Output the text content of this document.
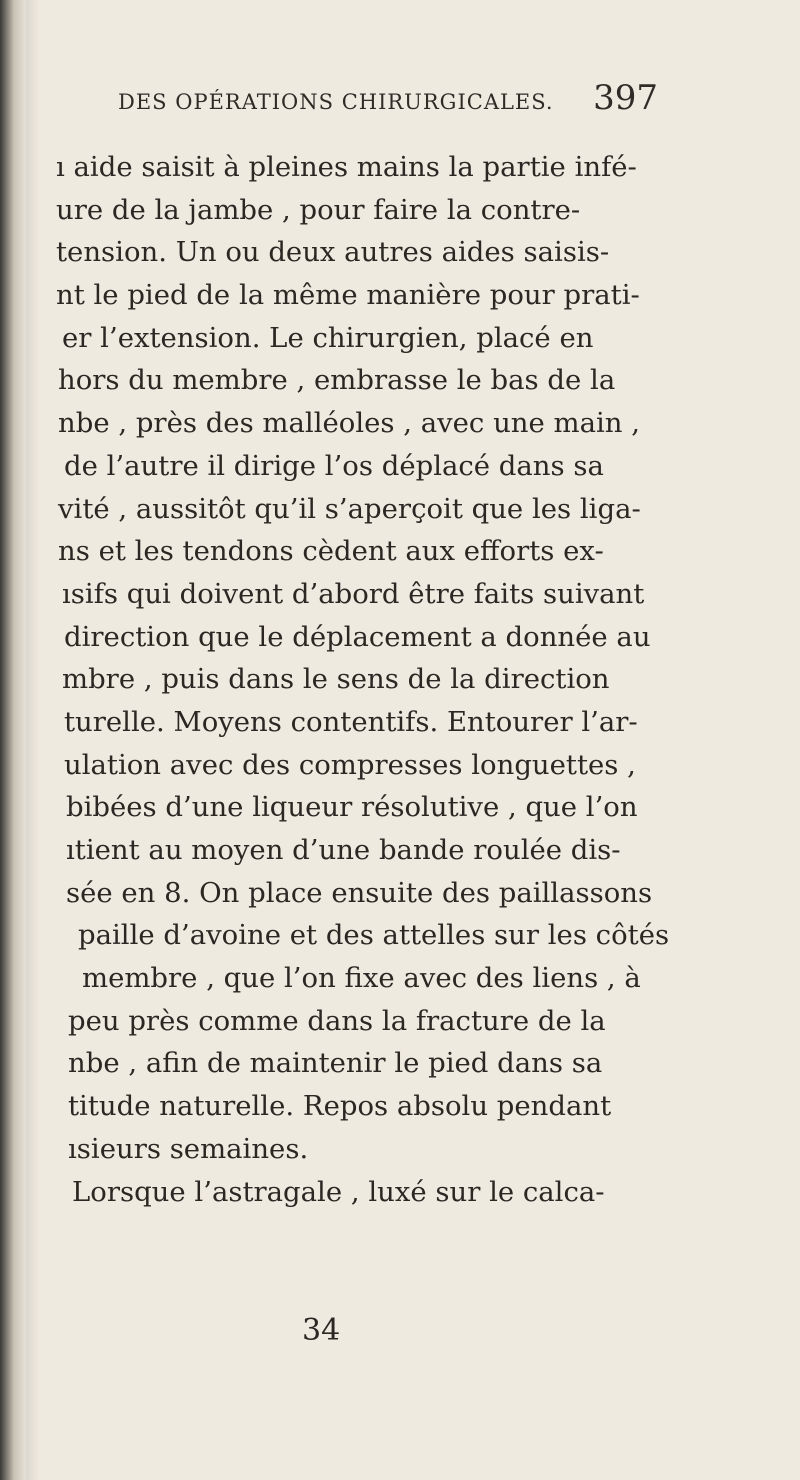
DES OPÉRATIONS CHIRURGICALES. 397
ı aide saisit à pleines mains la partie infé-
ure de la jambe , pour faire la contre-
tension. Un ou deux autres aides saisis-
nt le pied de la même manière pour prati-
er l’extension. Le chirurgien, placé en
hors du membre , embrasse le bas de la
nbe , près des malléoles , avec une main ,
de l’autre il dirige l’os déplacé dans sa
vité , aussitôt qu’il s’aperçoit que les liga-
ns et les tendons cèdent aux efforts ex-
ısifs qui doivent d’abord être faits suivant
direction que le déplacement a donnée au
mbre , puis dans le sens de la direction
turelle. Moyens contentifs. Entourer l’ar-
ulation avec des compresses longuettes ,
bibées d’une liqueur résolutive , que l’on
ıtient au moyen d’une bande roulée dis-
sée en 8. On place ensuite des paillassons
paille d’avoine et des attelles sur les côtés
membre , que l’on fixe avec des liens , à
peu près comme dans la fracture de la
nbe , afin de maintenir le pied dans sa
titude naturelle. Repos absolu pendant
ısieurs semaines.
Lorsque l’astragale , luxé sur le calca-
34
